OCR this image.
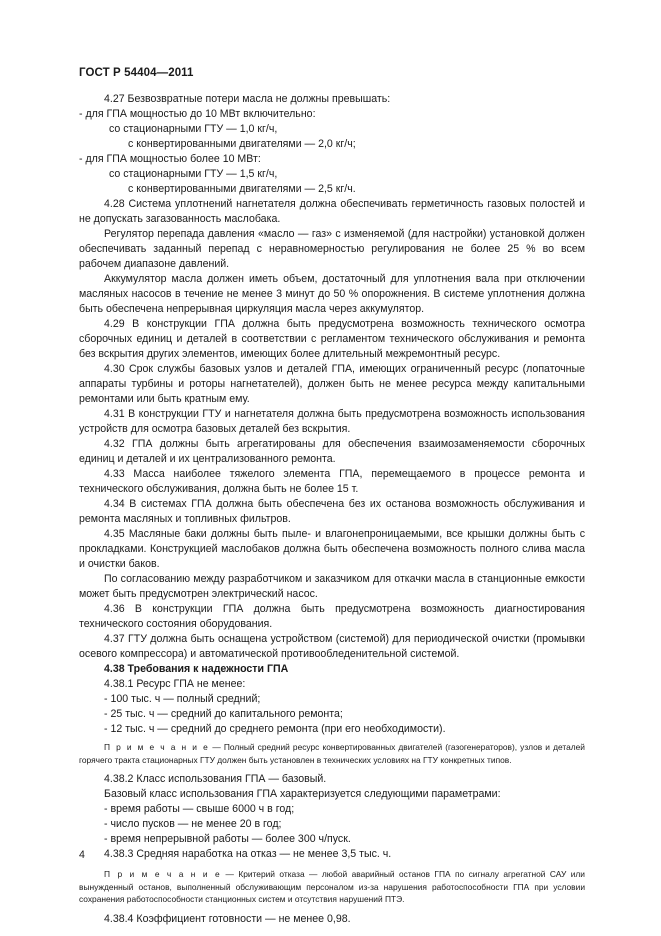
ГОСТ Р 54404—2011

4.27 Безвозвратные потери масла не должны превышать:

- для ГПА мощностью до 10 МВт включительно:

со стационарными ГТУ — 1,0 кг/ч,

с конвертированными двигателями — 2,0 кг/ч;

- для ГПА мощностью более 10 МВт:

со стационарными ГТУ — 1,5 кг/ч,

с конвертированными двигателями — 2,5 кг/ч.

4.28 Система уплотнений нагнетателя должна обеспечивать герметичность газовых полостей и не допускать загазованность маслобака.

Регулятор перепада давления «масло — газ» с изменяемой (для настройки) установкой должен обеспечивать заданный перепад с неравномерностью регулирования не более 25 % во всем рабочем диапазоне давлений.

Аккумулятор масла должен иметь объем, достаточный для уплотнения вала при отключении масляных насосов в течение не менее 3 минут до 50 % опорожнения. В системе уплотнения должна быть обеспечена непрерывная циркуляция масла через аккумулятор.

4.29 В конструкции ГПА должна быть предусмотрена возможность технического осмотра сборочных единиц и деталей в соответствии с регламентом технического обслуживания и ремонта без вскрытия других элементов, имеющих более длительный межремонтный ресурс.

4.30 Срок службы базовых узлов и деталей ГПА, имеющих ограниченный ресурс (лопаточные аппараты турбины и роторы нагнетателей), должен быть не менее ресурса между капитальными ремонтами или быть кратным ему.

4.31 В конструкции ГТУ и нагнетателя должна быть предусмотрена возможность использования устройств для осмотра базовых деталей без вскрытия.

4.32 ГПА должны быть агрегатированы для обеспечения взаимозаменяемости сборочных единиц и деталей и их централизованного ремонта.

4.33 Масса наиболее тяжелого элемента ГПА, перемещаемого в процессе ремонта и технического обслуживания, должна быть не более 15 т.

4.34 В системах ГПА должна быть обеспечена без их останова возможность обслуживания и ремонта масляных и топливных фильтров.

4.35 Масляные баки должны быть пыле- и влагонепроницаемыми, все крышки должны быть с прокладками. Конструкцией маслобаков должна быть обеспечена возможность полного слива масла и очистки баков.

По согласованию между разработчиком и заказчиком для откачки масла в станционные емкости может быть предусмотрен электрический насос.

4.36 В конструкции ГПА должна быть предусмотрена возможность диагностирования технического состояния оборудования.

4.37 ГТУ должна быть оснащена устройством (системой) для периодической очистки (промывки осевого компрессора) и автоматической противообледенительной системой.

4.38 Требования к надежности ГПА

4.38.1 Ресурс ГПА не менее:

- 100 тыс. ч — полный средний;

- 25 тыс. ч — средний до капитального ремонта;

- 12 тыс. ч — средний до среднего ремонта (при его необходимости).

П р и м е ч а н и е — Полный средний ресурс конвертированных двигателей (газогенераторов), узлов и деталей горячего тракта стационарных ГТУ должен быть установлен в технических условиях на ГТУ конкретных типов.

4.38.2 Класс использования ГПА — базовый.

Базовый класс использования ГПА характеризуется следующими параметрами:

- время работы — свыше 6000 ч в год;

- число пусков — не менее 20 в год;

- время непрерывной работы — более 300 ч/пуск.

4.38.3 Средняя наработка на отказ — не менее 3,5 тыс. ч.

П р и м е ч а н и е — Критерий отказа — любой аварийный останов ГПА по сигналу агрегатной САУ или вынужденный останов, выполненный обслуживающим персоналом из-за нарушения работоспособности ГПА при условии сохранения работоспособности станционных систем и отсутствия нарушений ПТЭ.

4.38.4 Коэффициент готовности — не менее 0,98.

4
